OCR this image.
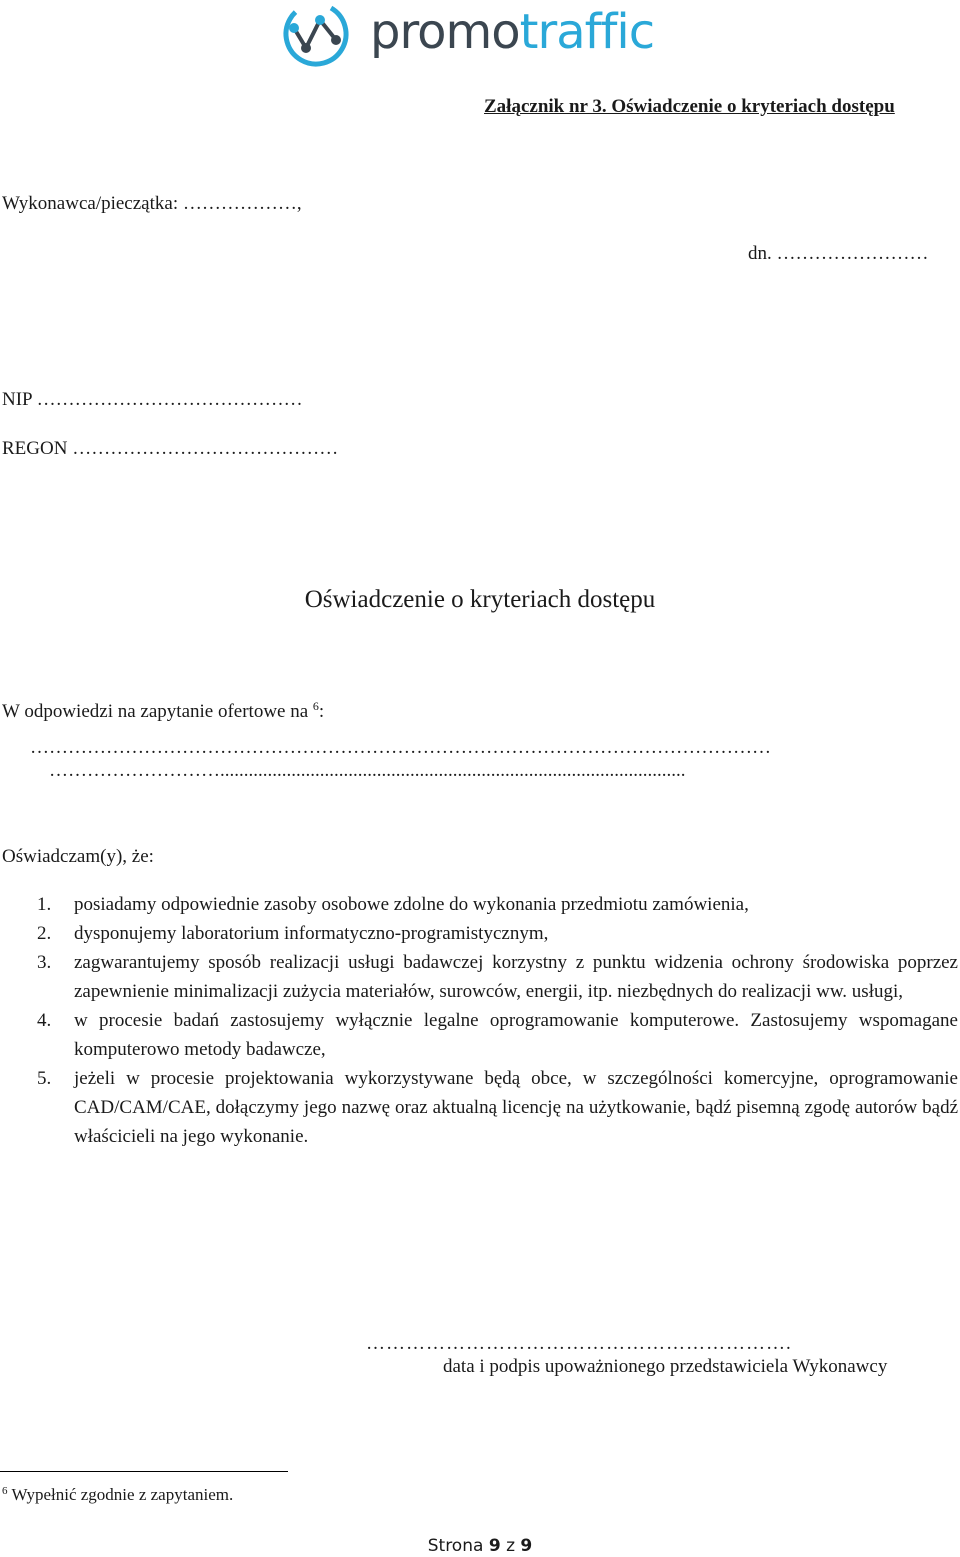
promotraffic
Załącznik nr 3. Oświadczenie o kryteriach dostępu
Wykonawca/pieczątka: ………………,
dn. ……………………
NIP ……………………………………
REGON ……………………………………
Oświadczenie o kryteriach dostępu
W odpowiedzi na zapytanie ofertowe na $^6$:
………………………………………………………………………………………………………
………………………..................................................................................................
Oświadczam(y), że:
1. posiadamy odpowiednie zasoby osobowe zdolne do wykonania przedmiotu zamówienia,
2. dysponujemy laboratorium informatyczno-programistycznym,
3. zagwarantujemy sposób realizacji usługi badawczej korzystny z punktu widzenia ochrony środowiska poprzez zapewnienie minimalizacji zużycia materiałów, surowców, energii, itp. niezbędnych do realizacji ww. usługi,
4. w procesie badań zastosujemy wyłącznie legalne oprogramowanie komputerowe. Zastosujemy wspomagane komputerowo metody badawcze,
5. jeżeli w procesie projektowania wykorzystywane będą obce, w szczególności komercyjne, oprogramowanie CAD/CAM/CAE, dołączymy jego nazwę oraz aktualną licencję na użytkowanie, bądź pisemną zgodę autorów bądź właścicieli na jego wykonanie.
……………………………………………………….
data i podpis upoważnionego przedstawiciela Wykonawcy
$^6$ Wypełnić zgodnie z zapytaniem.
Strona 9 z 9
